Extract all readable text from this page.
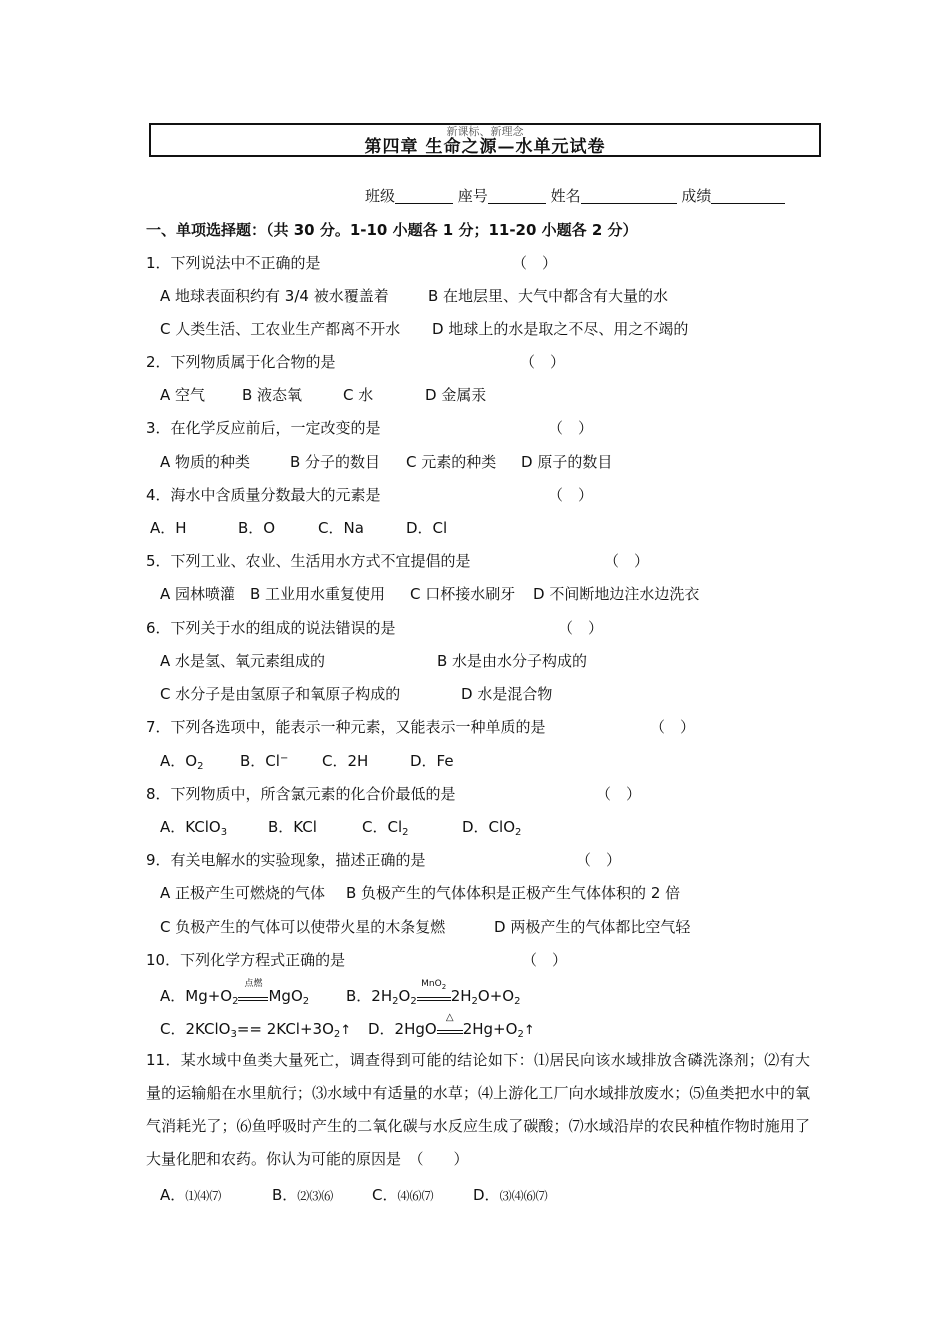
新课标、新理念
第四章 生命之源—水单元试卷
班级	座号	姓名	成绩
一、单项选择题：（共 30 分。1-10 小题各 1 分；11-20 小题各 2 分）
1．下列说法中不正确的是	（　）
A 地球表面积约有 3/4 被水覆盖着	B 在地层里、大气中都含有大量的水
C 人类生活、工农业生产都离不开水 D 地球上的水是取之不尽、用之不竭的
2．下列物质属于化合物的是	（　）
A 空气 B 液态氧	C 水	D 金属汞
3．在化学反应前后，一定改变的是	（　）
A 物质的种类	B 分子的数目 C 元素的种类 D 原子的数目
4．海水中含质量分数最大的元素是	（　）
A．H	B．O	C．Na	D．Cl
5．下列工业、农业、生活用水方式不宜提倡的是	（　）
A 园林喷灌 B 工业用水重复使用 C 口杯接水刷牙 D 不间断地边注水边洗衣
6．下列关于水的组成的说法错误的是	（　）
A 水是氢、氧元素组成的	B 水是由水分子构成的
C 水分子是由氢原子和氧原子构成的	D 水是混合物
7．下列各选项中，能表示一种元素，又能表示一种单质的是	（　）
A．$O_2$ B．Cl− C．2H	D．Fe
8．下列物质中，所含氯元素的化合价最低的是	（　）
A．KClO$_3$	B．KCl	C．$Cl_2$	D．ClO$_2$
9．有关电解水的实验现象，描述正确的是	（　）
A 正极产生可燃烧的气体 B 负极产生的气体体积是正极产生气体体积的 2 倍
C 负极产生的气体可以使带火星的木条复燃	D 两极产生的气体都比空气轻
10．下列化学方程式正确的是	（　）
A．$Mg+O_2$
点燃
MgO$_2$ B．$2H_2O_2$
MnO$_2$ $2H_2O+O_2$
C．2KClO$_3$== $2KCl+3O_2↑$ D．2HgO
△
$2Hg+O_2↑$
11．某水域中鱼类大量死亡，调查得到可能的结论如下：⑴居民向该水域排放含磷洗涤剂；⑵有大量的运输船在水里航行；⑶水域中有适量的水草；⑷上游化工厂向水域排放废水；⑸鱼类把水中的氧气消耗光了；⑹鱼呼吸时产生的二氧化碳与水反应生成了碳酸；⑺水域沿岸的农民种植作物时施用了大量化肥和农药。你认为可能的原因是　（　　）
A．⑴⑷⑺	B．⑵⑶⑹	C．⑷⑹⑺	D．⑶⑷⑹⑺
